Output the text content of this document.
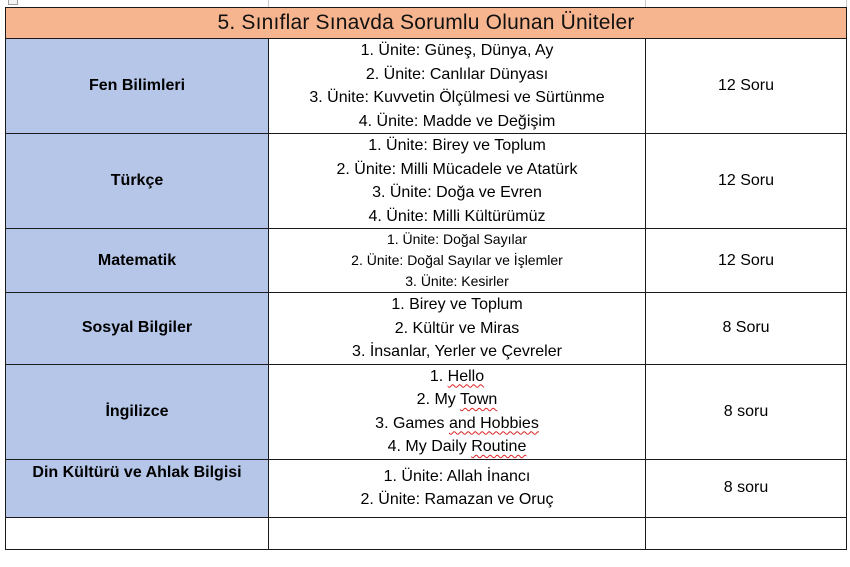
5. Sınıflar Sınavda Sorumlu Olunan Üniteler		
Fen Bilimleri	1. Ünite: Güneş, Dünya, Ay
2. Ünite: Canlılar Dünyası
3. Ünite: Kuvvetin Ölçülmesi ve Sürtünme
4. Ünite: Madde ve Değişim	12 Soru
Türkçe	1. Ünite: Birey ve Toplum
2. Ünite: Milli Mücadele ve Atatürk
3. Ünite: Doğa ve Evren
4. Ünite: Milli Kültürümüz	12 Soru
Matematik	1. Ünite: Doğal Sayılar
2. Ünite: Doğal Sayılar ve İşlemler
3. Ünite: Kesirler	12 Soru
Sosyal Bilgiler	1. Birey ve Toplum
2. Kültür ve Miras
3. İnsanlar, Yerler ve Çevreler	8 Soru
İngilizce	1. Hello
2. My Town
3. Games and Hobbies
4. My Daily Routine	8 soru
Din Kültürü ve Ahlak Bilgisi	1. Ünite: Allah İnancı
2. Ünite: Ramazan ve Oruç	8 soru
